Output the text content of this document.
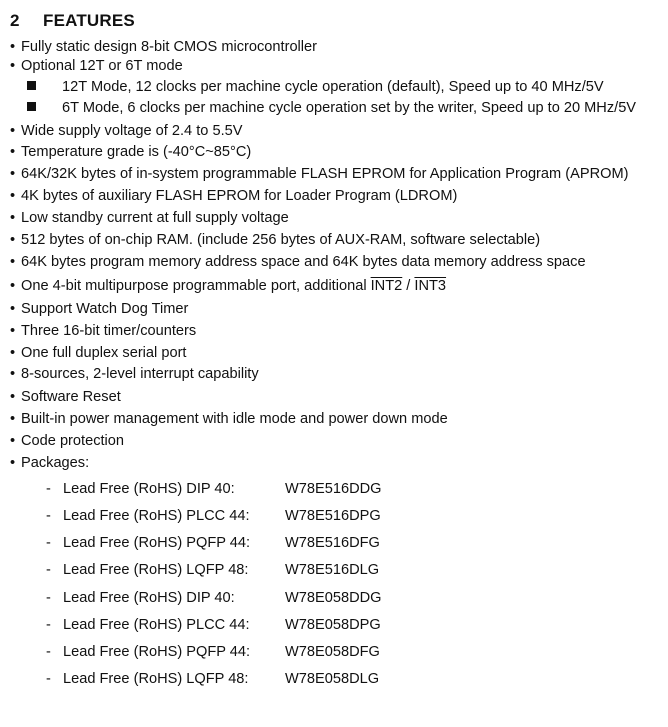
2 FEATURES
• Fully static design 8-bit CMOS microcontroller
• Optional 12T or 6T mode
12T Mode, 12 clocks per machine cycle operation (default), Speed up to 40 MHz/5V
6T Mode, 6 clocks per machine cycle operation set by the writer, Speed up to 20 MHz/5V
• Wide supply voltage of 2.4 to 5.5V
• Temperature grade is (-40°C~85°C)
• 64K/32K bytes of in-system programmable FLASH EPROM for Application Program (APROM)
• 4K bytes of auxiliary FLASH EPROM for Loader Program (LDROM)
• Low standby current at full supply voltage
• 512 bytes of on-chip RAM. (include 256 bytes of AUX-RAM, software selectable)
• 64K bytes program memory address space and 64K bytes data memory address space
• One 4-bit multipurpose programmable port, additional INT2 / INT3
• Support Watch Dog Timer
• Three 16-bit timer/counters
• One full duplex serial port
• 8-sources, 2-level interrupt capability
• Software Reset
• Built-in power management with idle mode and power down mode
• Code protection
• Packages:
- Lead Free (RoHS) DIP 40:	W78E516DDG
- Lead Free (RoHS) PLCC 44: W78E516DPG
- Lead Free (RoHS) PQFP 44: W78E516DFG
- Lead Free (RoHS) LQFP 48:	W78E516DLG
- Lead Free (RoHS) DIP 40:	W78E058DDG
- Lead Free (RoHS) PLCC 44: W78E058DPG
- Lead Free (RoHS) PQFP 44: W78E058DFG
- Lead Free (RoHS) LQFP 48:	W78E058DLG
